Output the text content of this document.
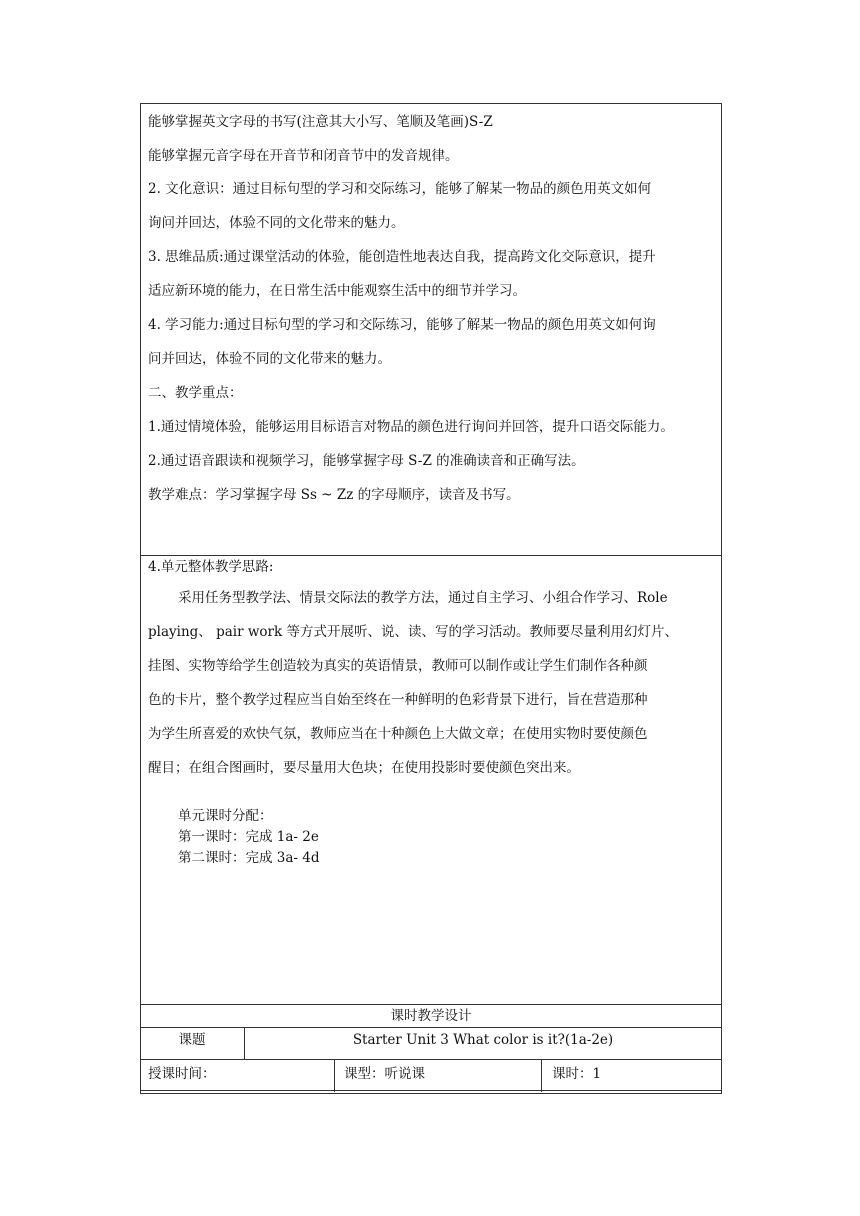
能够掌握英文字母的书写(注意其大小写、笔顺及笔画)S-Z
能够掌握元音字母在开音节和闭音节中的发音规律。
2. 文化意识：通过目标句型的学习和交际练习，能够了解某一物品的颜色用英文如何
询问并回达，体验不同的文化带来的魅力。
3. 思维品质:通过课堂活动的体验，能创造性地表达自我，提高跨文化交际意识，提升
适应新环境的能力，在日常生活中能观察生活中的细节并学习。
4. 学习能力:通过目标句型的学习和交际练习，能够了解某一物品的颜色用英文如何询
问并回达，体验不同的文化带来的魅力。
二、教学重点：
1.通过情境体验，能够运用目标语言对物品的颜色进行询问并回答，提升口语交际能力。
2.通过语音跟读和视频学习，能够掌握字母 S-Z 的准确读音和正确写法。
教学难点：学习掌握字母 Ss ~ Zz 的字母顺序，读音及书写。
4.单元整体教学思路:
采用任务型教学法、情景交际法的教学方法，通过自主学习、小组合作学习、Role
playing、 pair work 等方式开展听、说、读、写的学习活动。教师要尽量利用幻灯片、
挂图、实物等给学生创造较为真实的英语情景，教师可以制作或让学生们制作各种颜
色的卡片，整个教学过程应当自始至终在一种鲜明的色彩背景下进行，旨在营造那种
为学生所喜爱的欢快气氛，教师应当在十种颜色上大做文章；在使用实物时要使颜色
醒目；在组合图画时，要尽量用大色块；在使用投影时要使颜色突出来。
单元课时分配：
第一课时：完成 1a- 2e
第二课时：完成 3a- 4d
课时教学设计
课题	Starter Unit 3 What color is it?(1a-2e)
授课时间：	课型：听说课	课时：1
